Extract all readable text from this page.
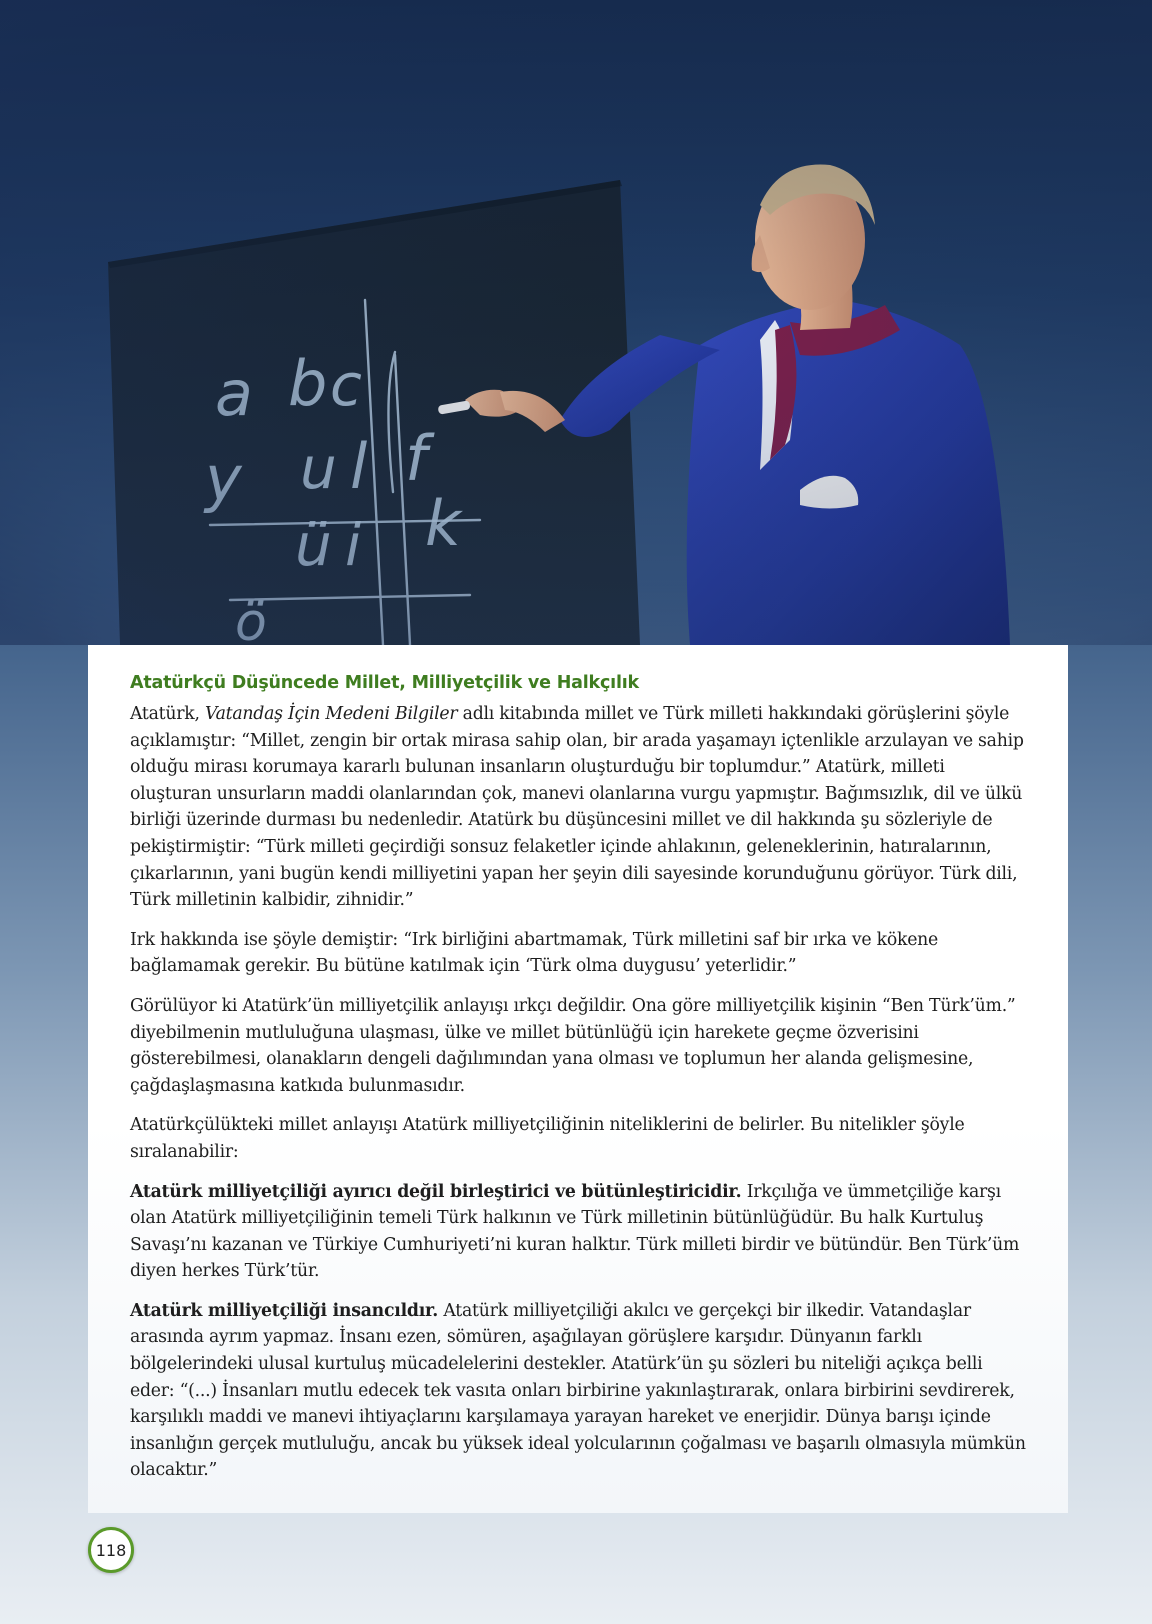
Atatürkçü Düşüncede Millet, Milliyetçilik ve Halkçılık

Atatürk, Vatandaş İçin Medeni Bilgiler adlı kitabında millet ve Türk milleti hakkındaki görüşlerini şöyle açıklamıştır: “Millet, zengin bir ortak mirasa sahip olan, bir arada yaşamayı içtenlikle arzulayan ve sahip olduğu mirası korumaya kararlı bulunan insanların oluşturduğu bir toplumdur.” Atatürk, milleti oluşturan unsurların maddi olanlarından çok, manevi olanlarına vurgu yapmıştır. Bağımsızlık, dil ve ülkü birliği üzerinde durması bu nedenledir. Atatürk bu düşüncesini millet ve dil hakkında şu sözleriyle de pekiştirmiştir: “Türk milleti geçirdiği sonsuz felaketler içinde ahlakının, geleneklerinin, hatıralarının, çıkarlarının, yani bugün kendi milliyetini yapan her şeyin dili sayesinde korunduğunu görüyor. Türk dili, Türk milletinin kalbidir, zihnidir.”

Irk hakkında ise şöyle demiştir: “Irk birliğini abartmamak, Türk milletini saf bir ırka ve kökene bağlamamak gerekir. Bu bütüne katılmak için ‘Türk olma duygusu’ yeterlidir.”

Görülüyor ki Atatürk’ün milliyetçilik anlayışı ırkçı değildir. Ona göre milliyetçilik kişinin “Ben Türk’üm.” diyebilmenin mutluluğuna ulaşması, ülke ve millet bütünlüğü için harekete geçme özverisini gösterebilmesi, olanakların dengeli dağılımından yana olması ve toplumun her alanda gelişmesine, çağdaşlaşmasına katkıda bulunmasıdır.

Atatürkçülükteki millet anlayışı Atatürk milliyetçiliğinin niteliklerini de belirler. Bu nitelikler şöyle sıralanabilir:

Atatürk milliyetçiliği ayırıcı değil birleştirici ve bütünleştiricidir. Irkçılığa ve ümmetçiliğe karşı olan Atatürk milliyetçiliğinin temeli Türk halkının ve Türk milletinin bütünlüğüdür. Bu halk Kurtuluş Savaşı’nı kazanan ve Türkiye Cumhuriyeti’ni kuran halktır. Türk milleti birdir ve bütündür. Ben Türk’üm diyen herkes Türk’tür.

Atatürk milliyetçiliği insancıldır. Atatürk milliyetçiliği akılcı ve gerçekçi bir ilkedir. Vatandaşlar arasında ayrım yapmaz. İnsanı ezen, sömüren, aşağılayan görüşlere karşıdır. Dünyanın farklı bölgelerindeki ulusal kurtuluş mücadelelerini destekler. Atatürk’ün şu sözleri bu niteliği açıkça belli eder: “(...) İnsanları mutlu edecek tek vasıta onları birbirine yakınlaştırarak, onlara birbirini sevdirerek, karşılıklı maddi ve manevi ihtiyaçlarını karşılamaya yarayan hareket ve enerjidir. Dünya barışı içinde insanlığın gerçek mutluluğu, ancak bu yüksek ideal yolcularının çoğalması ve başarılı olmasıyla mümkün olacaktır.”

118
